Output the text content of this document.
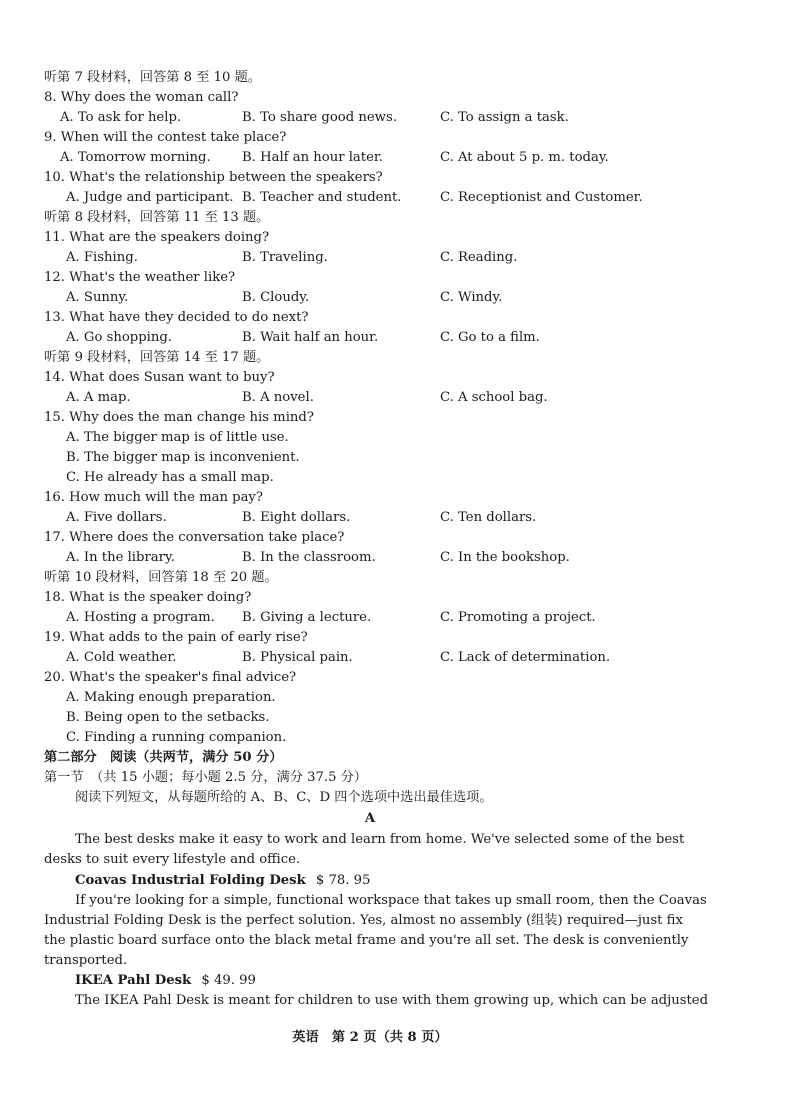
听第 7 段材料，回答第 8 至 10 题。
8. Why does the woman call?
A. To ask for help.	B. To share good news.	C. To assign a task.
9. When will the contest take place?
A. Tomorrow morning. B. Half an hour later.	C. At about 5 p. m. today.
10. What's the relationship between the speakers?
A. Judge and participant. B. Teacher and student.	C. Receptionist and Customer.
听第 8 段材料，回答第 11 至 13 题。
11. What are the speakers doing?
A. Fishing.	B. Traveling.	C. Reading.
12. What's the weather like?
A. Sunny.	B. Cloudy.	C. Windy.
13. What have they decided to do next?
A. Go shopping.	B. Wait half an hour.	C. Go to a film.
听第 9 段材料，回答第 14 至 17 题。
14. What does Susan want to buy?
A. A map.	B. A novel.	C. A school bag.
15. Why does the man change his mind?
A. The bigger map is of little use.
B. The bigger map is inconvenient.
C. He already has a small map.
16. How much will the man pay?
A. Five dollars.	B. Eight dollars.	C. Ten dollars.
17. Where does the conversation take place?
A. In the library.	B. In the classroom.	C. In the bookshop.
听第 10 段材料，回答第 18 至 20 题。
18. What is the speaker doing?
A. Hosting a program. B. Giving a lecture.	C. Promoting a project.
19. What adds to the pain of early rise?
A. Cold weather.	B. Physical pain.	C. Lack of determination.
20. What's the speaker's final advice?
A. Making enough preparation.
B. Being open to the setbacks.
C. Finding a running companion.
第二部分　阅读（共两节，满分 50 分）
第一节　（共 15 小题；每小题 2.5 分，满分 37.5 分）
阅读下列短文，从每题所给的 A、B、C、D 四个选项中选出最佳选项。
A
The best desks make it easy to work and learn from home. We've selected some of the best
desks to suit every lifestyle and office.
Coavas Industrial Folding Desk $ 78. 95
If you're looking for a simple, functional workspace that takes up small room, then the Coavas
Industrial Folding Desk is the perfect solution. Yes, almost no assembly (组装) required—just fix
the plastic board surface onto the black metal frame and you're all set. The desk is conveniently
transported.
IKEA Pahl Desk $ 49. 99
The IKEA Pahl Desk is meant for children to use with them growing up, which can be adjusted
英语　第 2 页（共 8 页）
